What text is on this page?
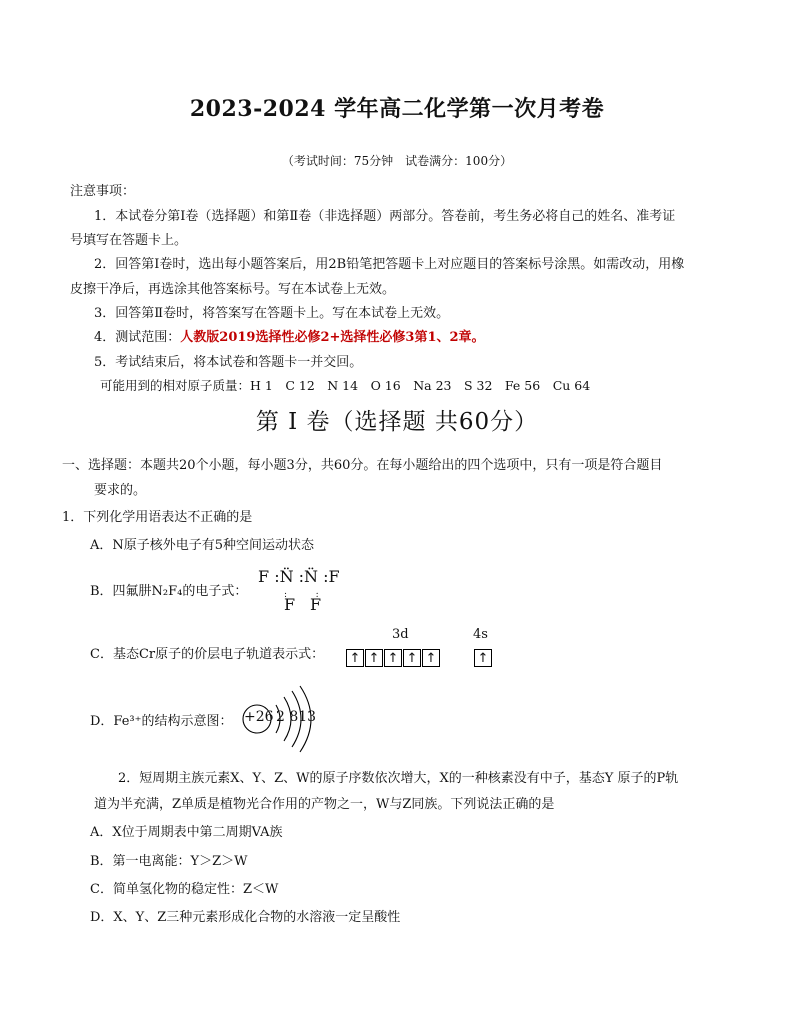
2023-2024 学年高二化学第一次月考卷
（考试时间：75分钟　试卷满分：100分）
注意事项：
1．本试卷分第Ⅰ卷（选择题）和第Ⅱ卷（非选择题）两部分。答卷前，考生务必将自己的姓名、准考证
号填写在答题卡上。
2．回答第Ⅰ卷时，选出每小题答案后，用2B铅笔把答题卡上对应题目的答案标号涂黑。如需改动，用橡
皮擦干净后，再选涂其他答案标号。写在本试卷上无效。
3．回答第Ⅱ卷时，将答案写在答题卡上。写在本试卷上无效。
4．测试范围：人教版2019选择性必修2+选择性必修3第1、2章。
5．考试结束后，将本试卷和答题卡一并交回。
可能用到的相对原子质量：H 1　C 12　N 14　O 16　Na 23　S 32　Fe 56　Cu 64
第 I 卷（选择题 共60分）
一、选择题：本题共20个小题，每小题3分，共60分。在每小题给出的四个选项中，只有一项是符合题目
要求的。
1．下列化学用语表达不正确的是
A．N原子核外电子有5种空间运动状态
B．四氟肼N₂F₄的电子式：
F :N̈ :N̈ :F
:   :
F F
C．基态Cr原子的价层电子轨道表示式：
3d	4s
↑ ↑ ↑ ↑ ↑	↑
D．Fe³⁺的结构示意图： +26 2 813
2．短周期主族元素X、Y、Z、W的原子序数依次增大，X的一种核素没有中子，基态Y 原子的P轨
道为半充满，Z单质是植物光合作用的产物之一，W与Z同族。下列说法正确的是
A．X位于周期表中第二周期VA族
B．第一电离能：Y＞Z＞W
C．简单氢化物的稳定性：Z＜W
D．X、Y、Z三种元素形成化合物的水溶液一定呈酸性
